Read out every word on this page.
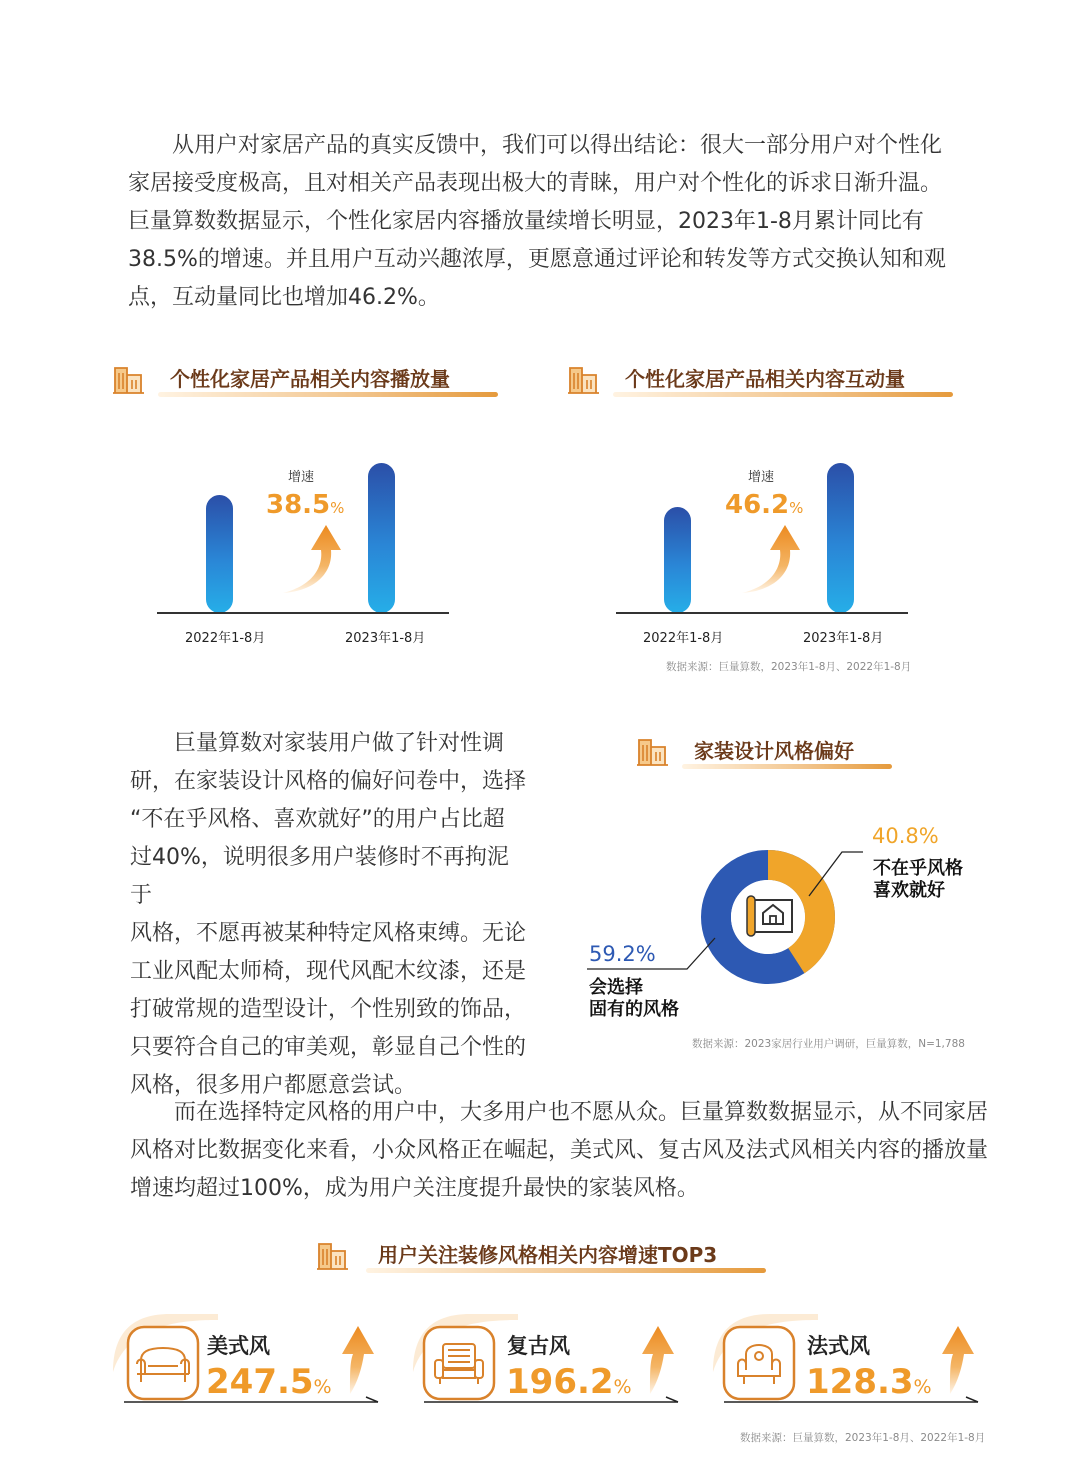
从用户对家居产品的真实反馈中，我们可以得出结论：很大一部分用户对个性化
家居接受度极高，且对相关产品表现出极大的青睐，用户对个性化的诉求日渐升温。
巨量算数数据显示，个性化家居内容播放量续增长明显，2023年1-8月累计同比有
38.5%的增速。并且用户互动兴趣浓厚，更愿意通过评论和转发等方式交换认知和观
点，互动量同比也增加46.2%。
个性化家居产品相关内容播放量	个性化家居产品相关内容互动量
增速
38.5%
2022年1-8月	2023年1-8月
增速
46.2%
2022年1-8月	2023年1-8月
数据来源：巨量算数，2023年1-8月、2022年1-8月
巨量算数对家装用户做了针对性调
研，在家装设计风格的偏好问卷中，选择
“不在乎风格、喜欢就好”的用户占比超
过40%，说明很多用户装修时不再拘泥于
风格，不愿再被某种特定风格束缚。无论
工业风配太师椅，现代风配木纹漆，还是
打破常规的造型设计，个性别致的饰品，
只要符合自己的审美观，彰显自己个性的
风格，很多用户都愿意尝试。
家装设计风格偏好
40.8%
不在乎风格
喜欢就好
59.2%
会选择
固有的风格
数据来源：2023家居行业用户调研，巨量算数，N=1,788
而在选择特定风格的用户中，大多用户也不愿从众。巨量算数数据显示，从不同家居
风格对比数据变化来看，小众风格正在崛起，美式风、复古风及法式风相关内容的播放量
增速均超过100%，成为用户关注度提升最快的家装风格。
用户关注装修风格相关内容增速TOP3
美式风
247.5%
复古风
196.2%
法式风
128.3%
数据来源：巨量算数，2023年1-8月、2022年1-8月
